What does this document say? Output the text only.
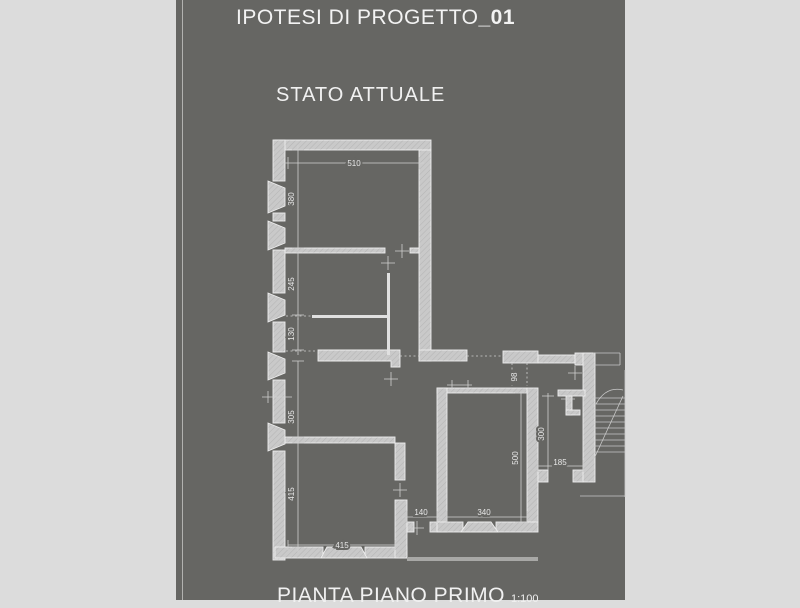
IPOTESI DI PROGETTO_01
STATO ATTUALE
510
380
245
130
305
415
415
140	340
500
98
300
185
PIANTA PIANO PRIMO 1:100
